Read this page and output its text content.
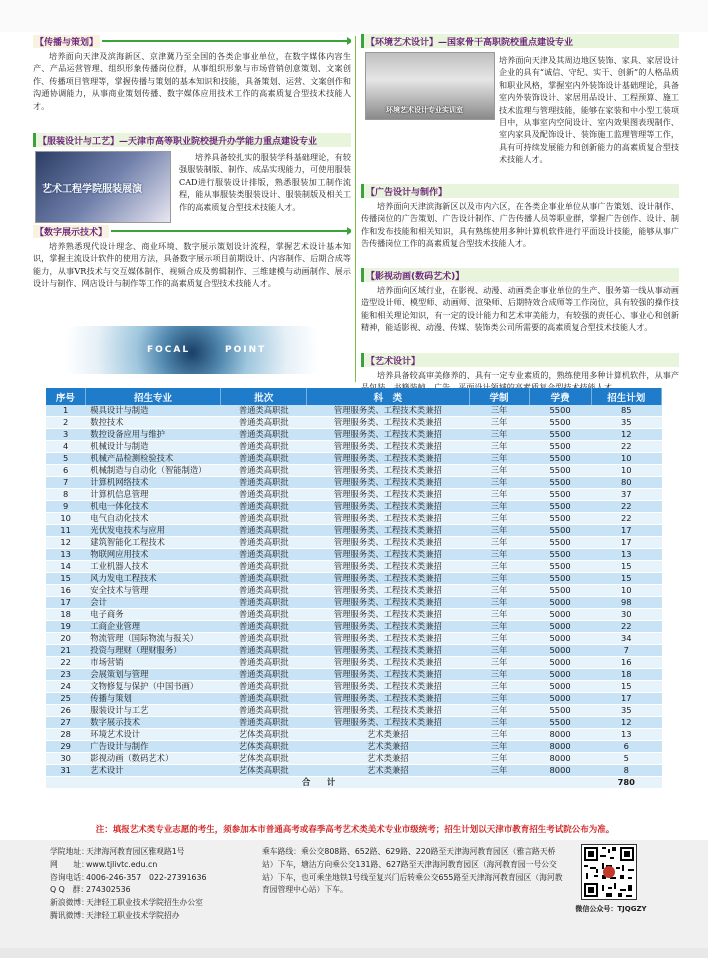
【传播与策划】

培养面向天津及滨海新区、京津冀乃至全国的各类企事业单位，在数字媒体内容生产、产品运营管理、组织形象传播岗位群，从事组织形象与市场营销创意策划、文案创作、传播项目管理等，掌握传播与策划的基本知识和技能，具备策划、运营、文案创作和沟通协调能力，从事商业策划传播、数字媒体应用技术工作的高素质复合型技术技能人才。

【服装设计与工艺】—天津市高等职业院校提升办学能力重点建设专业
艺术工程学院服装展演

培养具备较扎实的服装学科基础理论，有较强服装制版、制作、成品实现能力，可使用服装CAD进行服装设计排版，熟悉服装加工制作流程，能从事服装类服装设计、服装制版及相关工作的高素质复合型技术技能人才。

【数字展示技术】

培养熟悉现代设计理念、商业环境、数字展示策划设计流程，掌握艺术设计基本知识，掌握主流设计软件的使用方法，具备数字展示项目前期设计、内容制作、后期合成等能力，从事VR技术与交互媒体制作、视频合成及剪辑制作、三维建模与动画制作、展示设计与制作、网店设计与制作等工作的高素质复合型技术技能人才。

FOCAL	POINT
【环境艺术设计】—国家骨干高职院校重点建设专业
环境艺术设计专业实训室

培养面向天津及其周边地区装饰、家具、家居设计企业的具有“诚信、守纪、实干、创新”的人格品质和职业风格，掌握室内外装饰设计基础理论，具备室内外装饰设计、家居用品设计、工程预算、施工技术监理与管理技能，能够在家装和中小型工装项目中，从事室内空间设计、室内效果图表现制作、室内家具及配饰设计、装饰施工监理管理等工作，具有可持续发展能力和创新能力的高素质复合型技术技能人才。

【广告设计与制作】

培养面向天津滨海新区以及市内六区，在各类企事业单位从事广告策划、设计制作、传播岗位的广告策划、广告设计制作、广告传播人员等职业群，掌握广告创作、设计、制作和发布技能和相关知识，具有熟练使用多种计算机软件进行平面设计技能，能够从事广告传播岗位工作的高素质复合型技术技能人才。

【影视动画(数码艺术)】

培养面向区域行业，在影视、动漫、动画类企事业单位的生产、服务第一线从事动画造型设计师、模型师、动画师、渲染师、后期特效合成师等工作岗位，具有较强的操作技能和相关理论知识，有一定的设计能力和艺术审美能力，有较强的责任心、事业心和创新精神，能适影视、动漫、传媒、装饰类公司所需要的高素质复合型技术技能人才。

【艺术设计】

培养具备较高审美修养的、具有一定专业素质的，熟练使用多种计算机软件，从事产

序号	招生专业	批次	科　类	学制	学费	招生计划
1	模具设计与制造	普通类高职批	管理服务类、工程技术类兼招	三年	5500	85
2	数控技术	普通类高职批	管理服务类、工程技术类兼招	三年	5500	35
3	数控设备应用与维护	普通类高职批	管理服务类、工程技术类兼招	三年	5500	12
4	机械设计与制造	普通类高职批	管理服务类、工程技术类兼招	三年	5500	22
5	机械产品检测检验技术	普通类高职批	管理服务类、工程技术类兼招	三年	5500	10
6	机械制造与自动化（智能制造）	普通类高职批	管理服务类、工程技术类兼招	三年	5500	10
7	计算机网络技术	普通类高职批	管理服务类、工程技术类兼招	三年	5500	80
8	计算机信息管理	普通类高职批	管理服务类、工程技术类兼招	三年	5500	37
9	机电一体化技术	普通类高职批	管理服务类、工程技术类兼招	三年	5500	22
10	电气自动化技术	普通类高职批	管理服务类、工程技术类兼招	三年	5500	22
11	光伏发电技术与应用	普通类高职批	管理服务类、工程技术类兼招	三年	5500	17
12	建筑智能化工程技术	普通类高职批	管理服务类、工程技术类兼招	三年	5500	17
13	物联网应用技术	普通类高职批	管理服务类、工程技术类兼招	三年	5500	13
14	工业机器人技术	普通类高职批	管理服务类、工程技术类兼招	三年	5500	15
15	风力发电工程技术	普通类高职批	管理服务类、工程技术类兼招	三年	5500	15
16	安全技术与管理	普通类高职批	管理服务类、工程技术类兼招	三年	5500	10
17	会计	普通类高职批	管理服务类、工程技术类兼招	三年	5000	98
18	电子商务	普通类高职批	管理服务类、工程技术类兼招	三年	5000	30
19	工商企业管理	普通类高职批	管理服务类、工程技术类兼招	三年	5000	22
20	物流管理（国际物流与报关）	普通类高职批	管理服务类、工程技术类兼招	三年	5000	34
21	投资与理财（理财服务）	普通类高职批	管理服务类、工程技术类兼招	三年	5000	7
22	市场营销	普通类高职批	管理服务类、工程技术类兼招	三年	5000	16
23	会展策划与管理	普通类高职批	管理服务类、工程技术类兼招	三年	5000	18
24	文物修复与保护（中国书画）	普通类高职批	管理服务类、工程技术类兼招	三年	5000	15
25	传播与策划	普通类高职批	管理服务类、工程技术类兼招	三年	5000	17
26	服装设计与工艺	普通类高职批	管理服务类、工程技术类兼招	三年	5500	35
27	数字展示技术	普通类高职批	管理服务类、工程技术类兼招	三年	5500	12
28	环境艺术设计	艺体类高职批	艺术类兼招	三年	8000	13
29	广告设计与制作	艺体类高职批	艺术类兼招	三年	8000	6
30	影视动画（数码艺术）	艺体类高职批	艺术类兼招	三年	8000	5
31	艺术设计	艺体类高职批	艺术类兼招	三年	8000	8
合　　计						780
注：填报艺术类专业志愿的考生，须参加本市普通高考或春季高考艺术类美术专业市级统考；招生计划以天津市教育招生考试院公布为准。
学院地址：
天津海河教育园区雅观路1号
网　　址：
www.tjlivtc.edu.cn
咨询电话：
4006-246-357　022-27391636
Q Q　群：
274302536
新浪微博：
天津轻工职业技术学院招生办公室
腾讯微博：
天津轻工职业技术学院招办
乘车路线：乘公交808路、652路、629路、220路至天津海河教育园区（雅言路天桥站）下车，塘沽方向乘公交131路、627路至天津海河教育园区（海河教育园一号公交站）下车，也可乘坐地铁1号线至复兴门后转乘公交655路至天津海河教育园区（海河教育园管理中心站）下车。
微信公众号：TJQGZY
